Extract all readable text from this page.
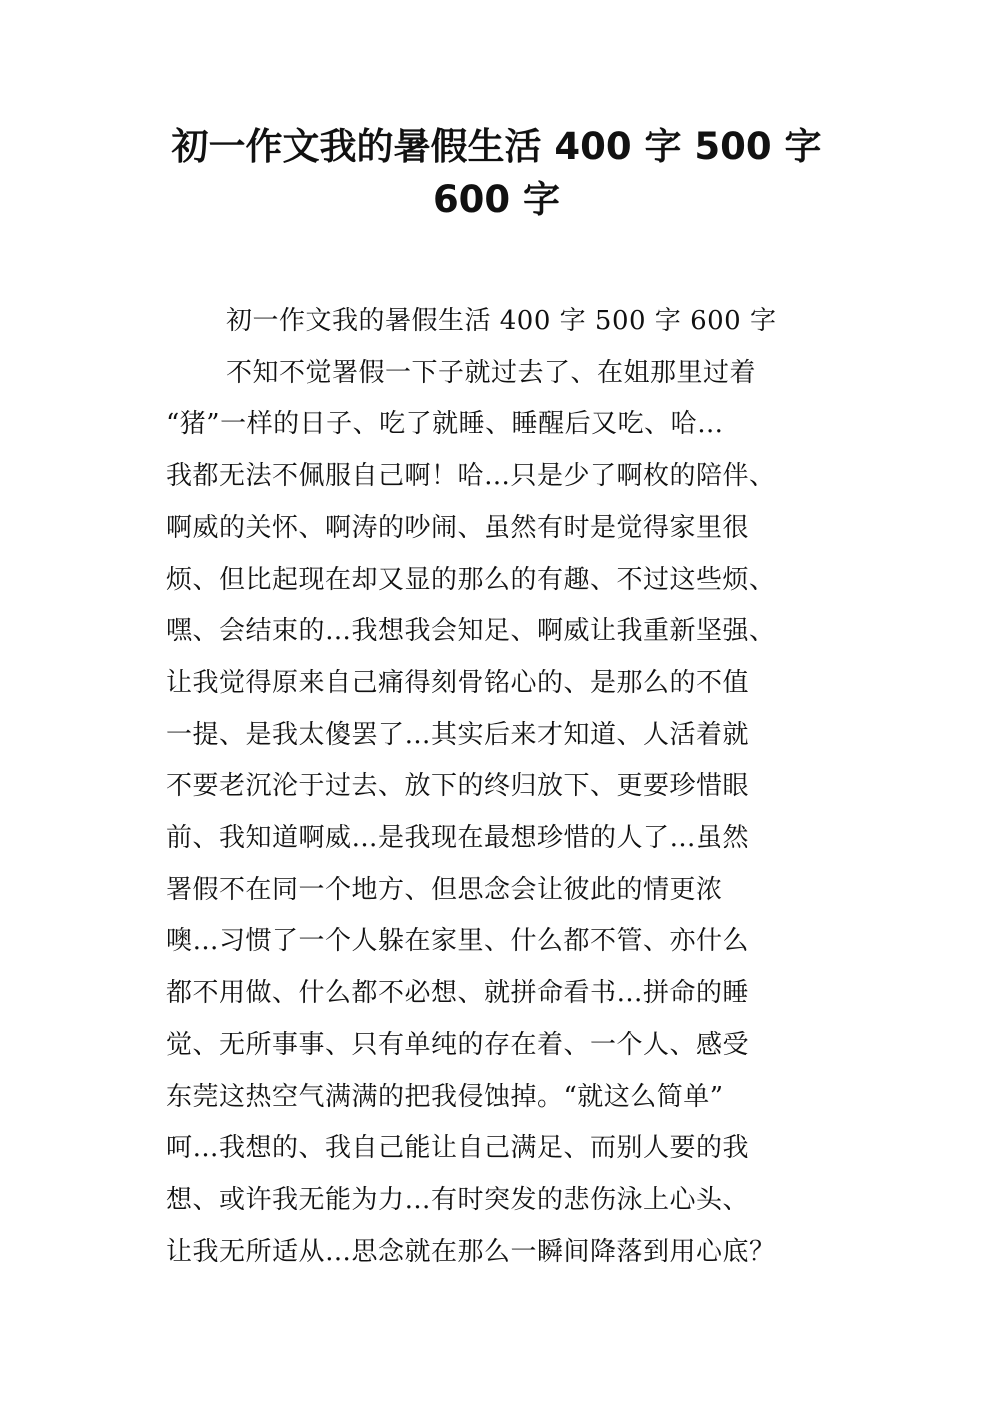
初一作文我的暑假生活 400 字 500 字
600 字
初一作文我的暑假生活 400 字 500 字 600 字
不知不觉署假一下子就过去了、在姐那里过着
“猪”一样的日子、吃了就睡、睡醒后又吃、哈…
我都无法不佩服自己啊！哈…只是少了啊枚的陪伴、
啊威的关怀、啊涛的吵闹、虽然有时是觉得家里很
烦、但比起现在却又显的那么的有趣、不过这些烦、
嘿、会结束的…我想我会知足、啊威让我重新坚强、
让我觉得原来自己痛得刻骨铭心的、是那么的不值
一提、是我太傻罢了…其实后来才知道、人活着就
不要老沉沦于过去、放下的终归放下、更要珍惜眼
前、我知道啊威…是我现在最想珍惜的人了…虽然
署假不在同一个地方、但思念会让彼此的情更浓
噢…习惯了一个人躲在家里、什么都不管、亦什么
都不用做、什么都不必想、就拼命看书…拼命的睡
觉、无所事事、只有单纯的存在着、一个人、感受
东莞这热空气满满的把我侵蚀掉。“就这么简单”
呵…我想的、我自己能让自己满足、而别人要的我
想、或许我无能为力…有时突发的悲伤泳上心头、
让我无所适从…思念就在那么一瞬间降落到用心底？
